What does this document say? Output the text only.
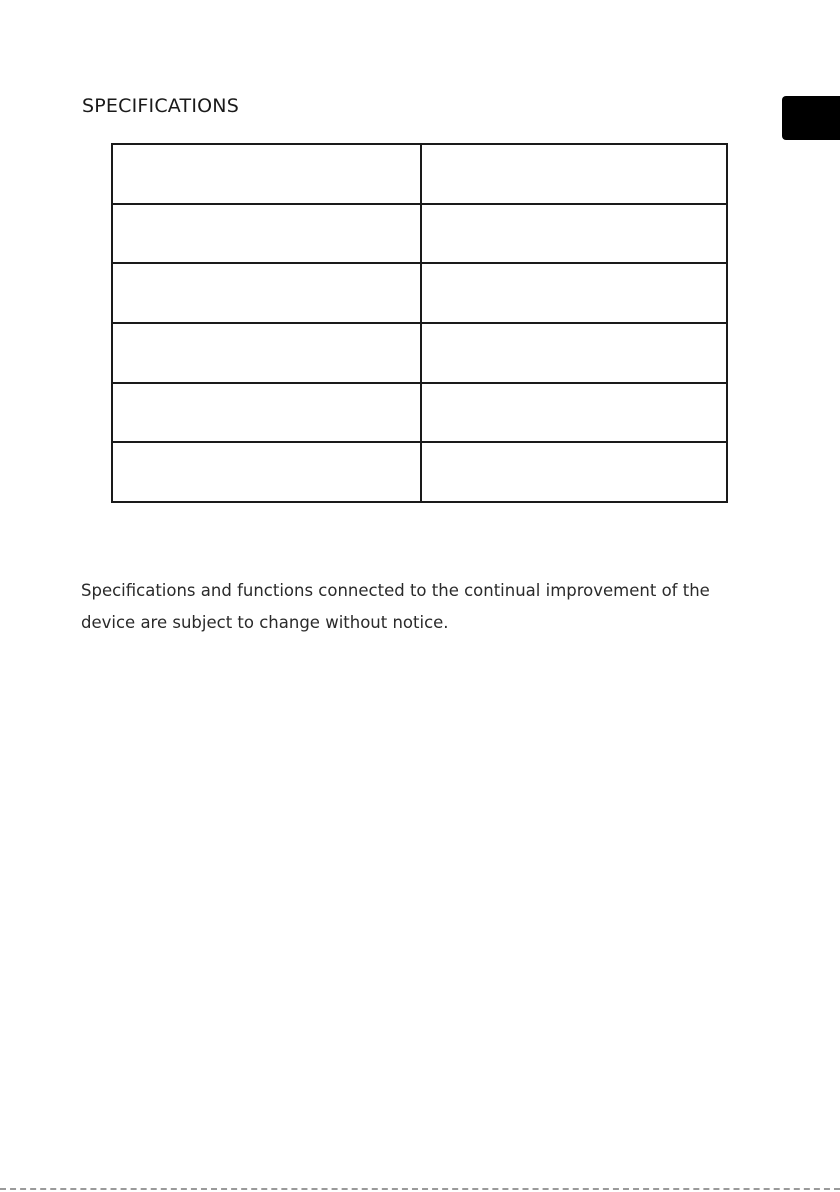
SPECIFICATIONS

Specifications and functions connected to the continual improvement of the device are subject to change without notice.
